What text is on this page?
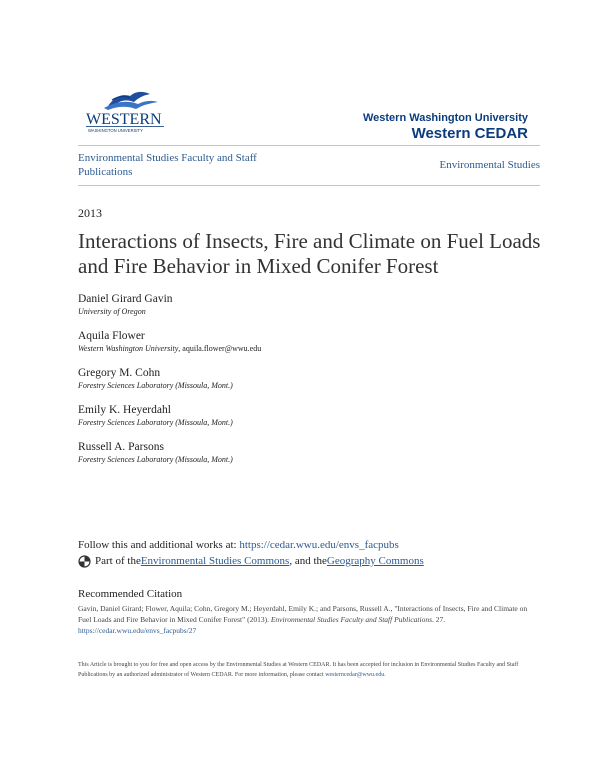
WESTERN
WASHINGTON UNIVERSITY
Western Washington University
Western CEDAR
Environmental Studies Faculty and Staff Publications
Environmental Studies
2013
Interactions of Insects, Fire and Climate on Fuel Loads and Fire Behavior in Mixed Conifer Forest
Daniel Girard Gavin
University of Oregon
Aquila Flower
Western Washington University, aquila.flower@wwu.edu
Gregory M. Cohn
Forestry Sciences Laboratory (Missoula, Mont.)
Emily K. Heyerdahl
Forestry Sciences Laboratory (Missoula, Mont.)
Russell A. Parsons
Forestry Sciences Laboratory (Missoula, Mont.)
Follow this and additional works at: https://cedar.wwu.edu/envs_facpubs
Part of the Environmental Studies Commons , and the Geography Commons
Recommended Citation
Gavin, Daniel Girard; Flower, Aquila; Cohn, Gregory M.; Heyerdahl, Emily K.; and Parsons, Russell A., "Interactions of Insects, Fire and Climate on Fuel Loads and Fire Behavior in Mixed Conifer Forest" (2013). Environmental Studies Faculty and Staff Publications. 27.
https://cedar.wwu.edu/envs_facpubs/27
This Article is brought to you for free and open access by the Environmental Studies at Western CEDAR. It has been accepted for inclusion in Environmental Studies Faculty and Staff Publications by an authorized administrator of Western CEDAR. For more information, please contact westerncedar@wwu.edu.
